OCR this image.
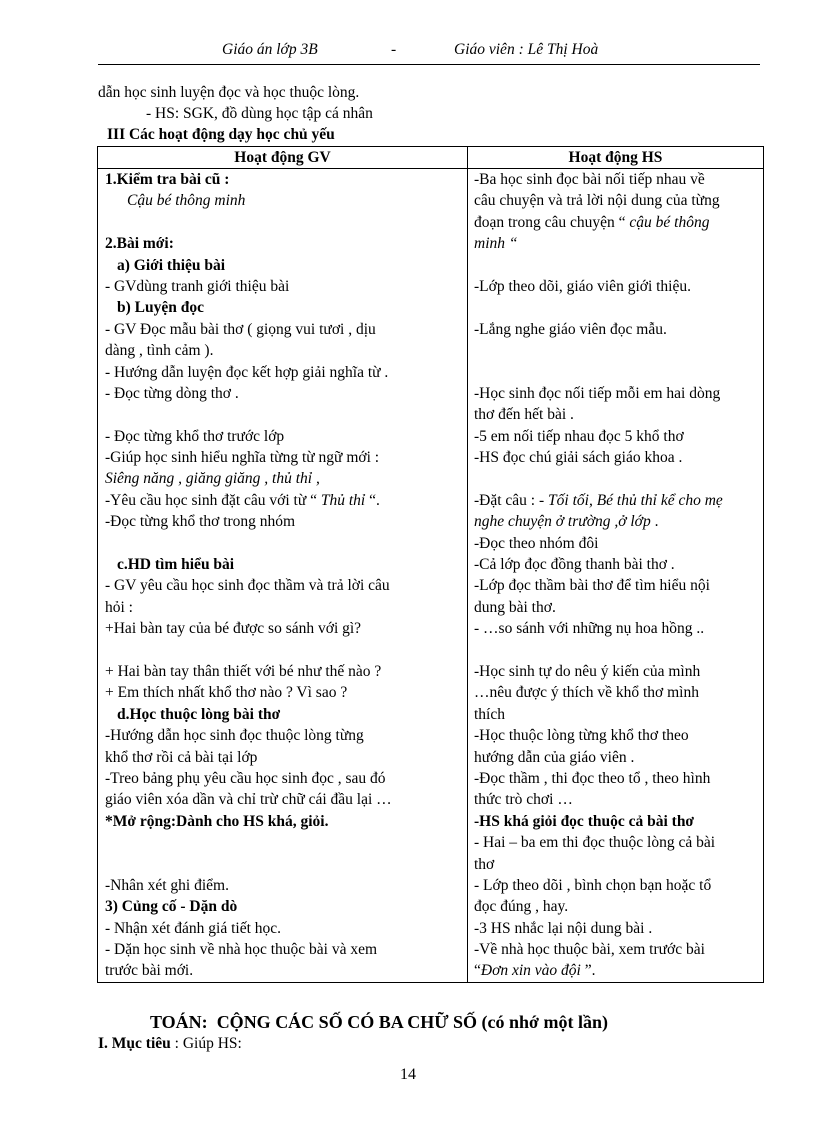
Giáo án lớp 3B	-	Giáo viên : Lê Thị Hoà
dẫn học sinh luyện đọc và học thuộc lòng.
- HS: SGK, đồ dùng học tập cá nhân
III Các hoạt động dạy học chủ yếu
Hoạt động GV	Hoạt động HS
1.Kiểm tra bài cũ :	-Ba học sinh đọc bài nối tiếp nhau về
Cậu bé thông minh	câu chuyện và trả lời nội dung của từng
	đoạn trong câu chuyện “ cậu bé thông
2.Bài mới:	minh “
a) Giới thiệu bài	
- GVdùng tranh giới thiệu bài	-Lớp theo dõi, giáo viên giới thiệu.
b) Luyện đọc	
- GV Đọc mẫu bài thơ ( giọng vui tươi , dịu	-Lắng nghe giáo viên đọc mẫu.
dàng , tình cảm ).	
- Hướng dẫn luyện đọc kết hợp giải nghĩa từ .	
- Đọc từng dòng thơ .	-Học sinh đọc nối tiếp mỗi em hai dòng
	thơ đến hết bài .
- Đọc từng khổ thơ trước lớp	-5 em nối tiếp nhau đọc 5 khổ thơ
-Giúp học sinh hiểu nghĩa từng từ ngữ mới :	-HS đọc chú giải sách giáo khoa .
Siêng năng , giăng giăng , thủ thỉ ,	
-Yêu cầu học sinh đặt câu với từ “ Thủ thỉ “.	-Đặt câu : - Tối tối, Bé thủ thỉ kể cho mẹ
-Đọc từng khổ thơ trong nhóm	nghe chuyện ở trường ,ở lớp .
	-Đọc theo nhóm đôi
c.HD tìm hiểu bài	-Cả lớp đọc đồng thanh bài thơ .
- GV yêu cầu học sinh đọc thầm và trả lời câu	-Lớp đọc thầm bài thơ để tìm hiểu nội
hỏi :	dung bài thơ.
+Hai bàn tay của bé được so sánh với gì?	- …so sánh với những nụ hoa hồng ..

+ Hai bàn tay thân thiết với bé như thế nào ?	-Học sinh tự do nêu ý kiến của mình
+ Em thích nhất khổ thơ nào ? Vì sao ?	…nêu được ý thích về khổ thơ mình
d.Học thuộc lòng bài thơ	thích
-Hướng dẫn học sinh đọc thuộc lòng từng	-Học thuộc lòng từng khổ thơ theo
khổ thơ rồi cả bài tại lớp	hướng dẫn của giáo viên .
-Treo bảng phụ yêu cầu học sinh đọc , sau đó	-Đọc thầm , thi đọc theo tổ , theo hình
giáo viên xóa dần và chỉ trừ chữ cái đầu lại …	thức trò chơi …
*Mở rộng:Dành cho HS khá, giỏi.	-HS khá giỏi đọc thuộc cả bài thơ
	- Hai – ba em thi đọc thuộc lòng cả bài
	thơ
-Nhân xét ghi điểm.	- Lớp theo dõi , bình chọn bạn hoặc tổ
3) Củng cố - Dặn dò	đọc đúng , hay.
- Nhận xét đánh giá tiết học.	-3 HS nhắc lại nội dung bài .
- Dặn học sinh về nhà học thuộc bài và xem	-Về nhà học thuộc bài, xem trước bài
trước bài mới.	“Đơn xin vào đội ”.
TOÁN: CỘNG CÁC SỐ CÓ BA CHỮ SỐ (có nhớ một lần)
I. Mục tiêu : Giúp HS:
14
